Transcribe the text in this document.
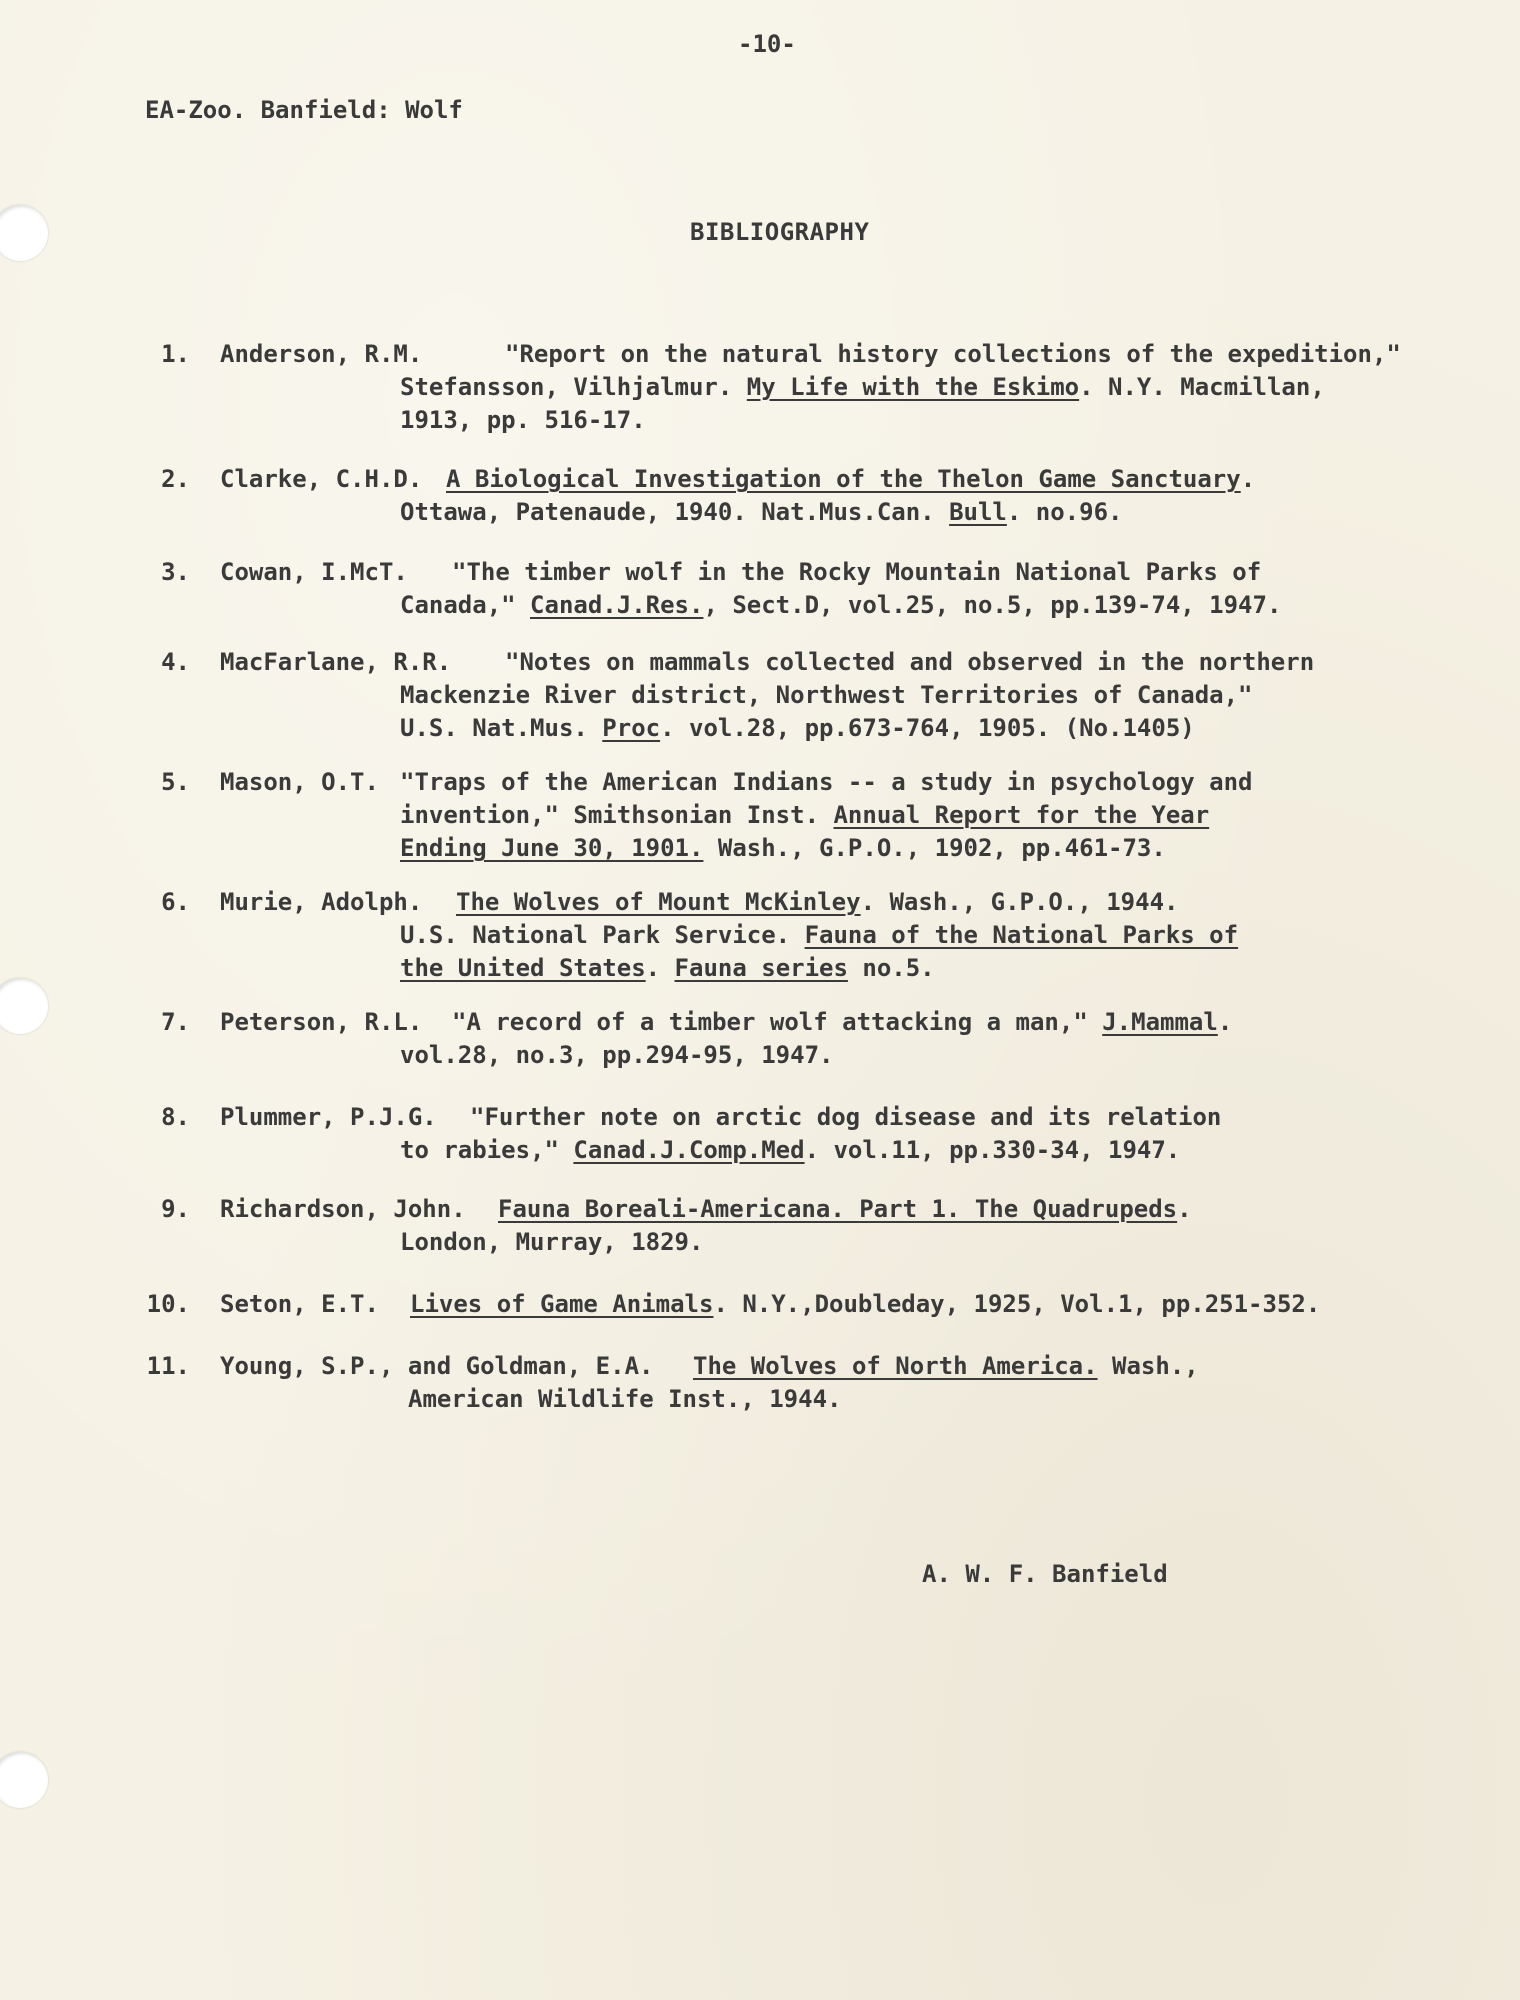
-10-
EA-Zoo. Banfield: Wolf
BIBLIOGRAPHY
1. Anderson, R.M.	"Report on the natural history collections of the expedition,"
Stefansson, Vilhjalmur. My Life with the Eskimo. N.Y. Macmillan,
1913, pp. 516-17.
2. Clarke, C.H.D. A Biological Investigation of the Thelon Game Sanctuary.
Ottawa, Patenaude, 1940. Nat.Mus.Can. Bull. no.96.
3. Cowan, I.McT. "The timber wolf in the Rocky Mountain National Parks of
Canada," Canad.J.Res., Sect.D, vol.25, no.5, pp.139-74, 1947.
4. MacFarlane, R.R. "Notes on mammals collected and observed in the northern
Mackenzie River district, Northwest Territories of Canada,"
U.S. Nat.Mus. Proc. vol.28, pp.673-764, 1905. (No.1405)
5. Mason, O.T. "Traps of the American Indians -- a study in psychology and
invention," Smithsonian Inst. Annual Report for the Year
Ending June 30, 1901. Wash., G.P.O., 1902, pp.461-73.
6. Murie, Adolph. The Wolves of Mount McKinley. Wash., G.P.O., 1944.
U.S. National Park Service. Fauna of the National Parks of
the United States. Fauna series no.5.
7. Peterson, R.L. "A record of a timber wolf attacking a man," J.Mammal.
vol.28, no.3, pp.294-95, 1947.
8. Plummer, P.J.G. "Further note on arctic dog disease and its relation
to rabies," Canad.J.Comp.Med. vol.11, pp.330-34, 1947.
9. Richardson, John. Fauna Boreali-Americana. Part 1. The Quadrupeds.
London, Murray, 1829.
10. Seton, E.T. Lives of Game Animals. N.Y.,Doubleday, 1925, Vol.1, pp.251-352.
11. Young, S.P., and Goldman, E.A. The Wolves of North America. Wash.,
American Wildlife Inst., 1944.
A. W. F. Banfield
